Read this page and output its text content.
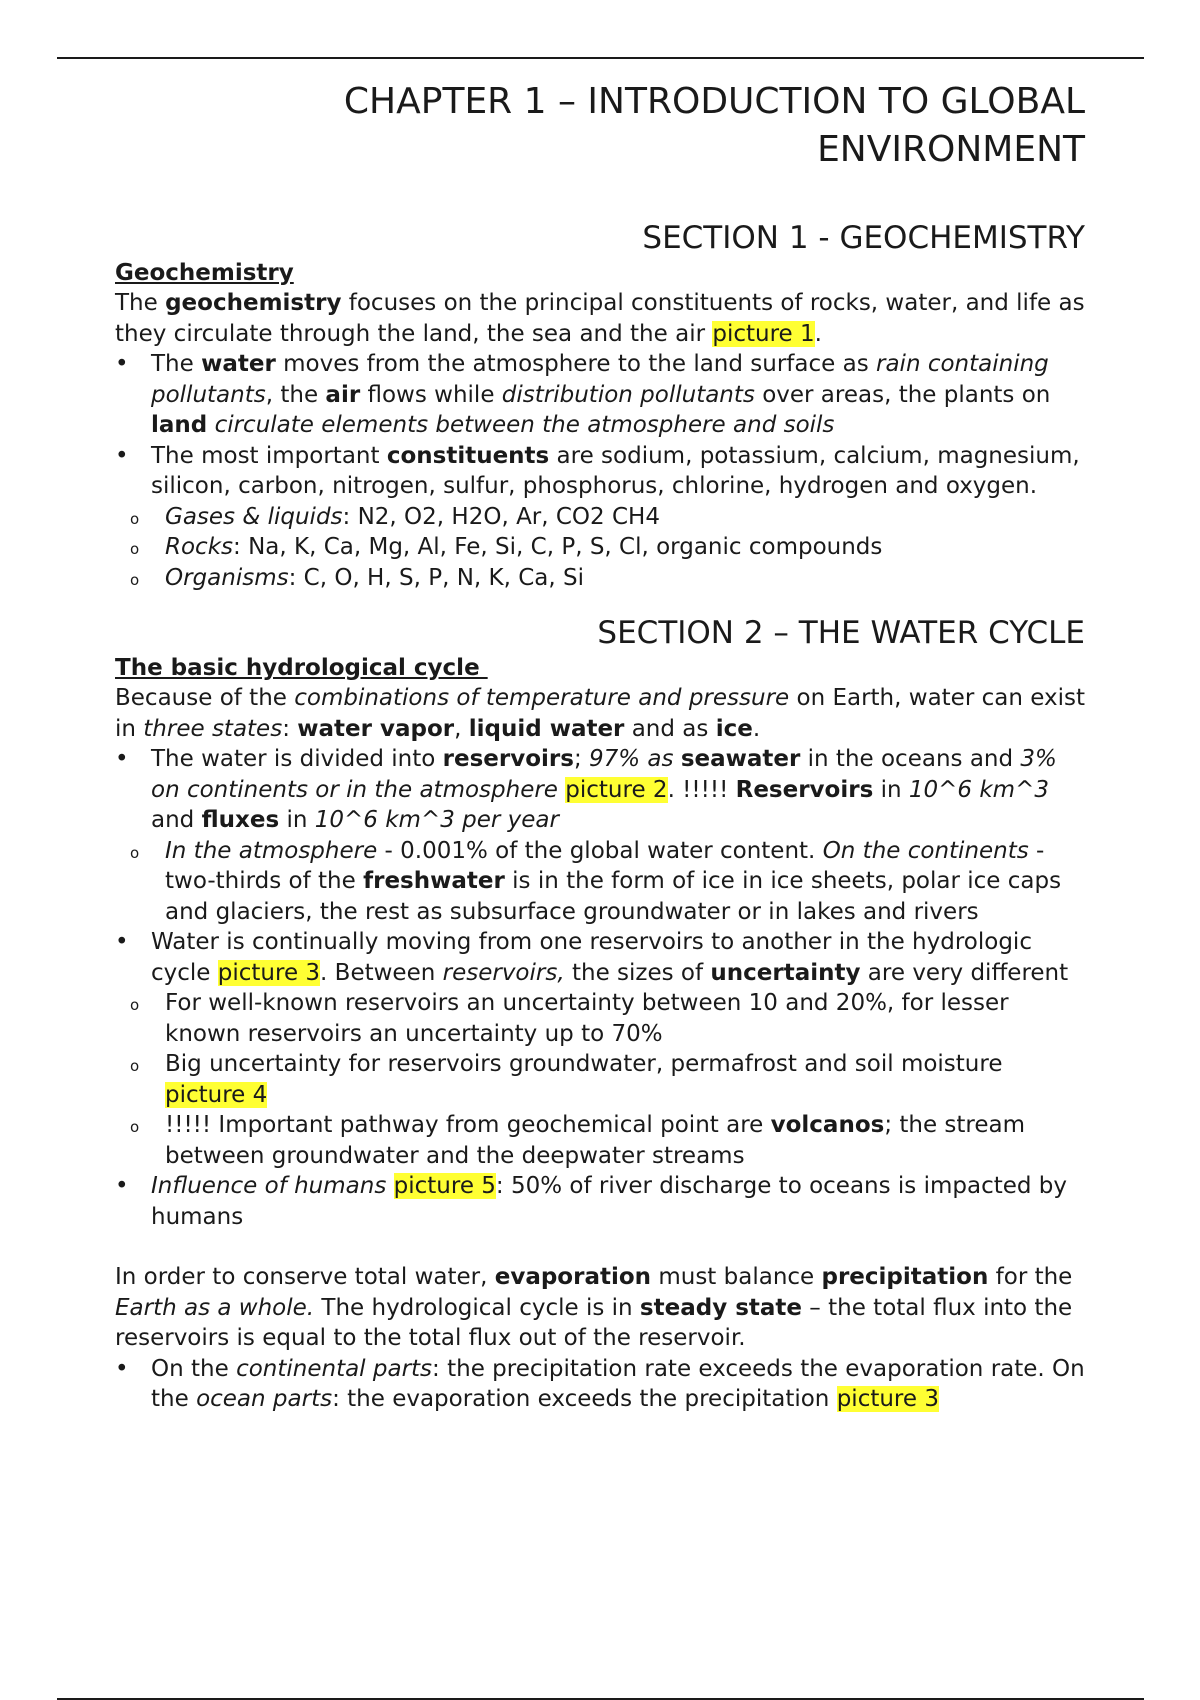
CHAPTER 1 – INTRODUCTION TO GLOBAL ENVIRONMENT
SECTION 1 - GEOCHEMISTRY
Geochemistry

The geochemistry focuses on the principal constituents of rocks, water, and life as they circulate through the land, the sea and the air picture 1.

• The water moves from the atmosphere to the land surface as rain containing pollutants, the air flows while distribution pollutants over areas, the plants on land circulate elements between the atmosphere and soils
• The most important constituents are sodium, potassium, calcium, magnesium, silicon, carbon, nitrogen, sulfur, phosphorus, chlorine, hydrogen and oxygen.
o Gases & liquids: N2, O2, H2O, Ar, CO2 CH4
o Rocks: Na, K, Ca, Mg, Al, Fe, Si, C, P, S, Cl, organic compounds
o Organisms: C, O, H, S, P, N, K, Ca, Si
SECTION 2 – THE WATER CYCLE
The basic hydrological cycle

Because of the combinations of temperature and pressure on Earth, water can exist in three states: water vapor, liquid water and as ice.

• The water is divided into reservoirs; 97% as seawater in the oceans and 3% on continents or in the atmosphere picture 2. !!!!! Reservoirs in 10^6 km^3 and fluxes in 10^6 km^3 per year
o In the atmosphere - 0.001% of the global water content. On the continents - two-thirds of the freshwater is in the form of ice in ice sheets, polar ice caps and glaciers, the rest as subsurface groundwater or in lakes and rivers
• Water is continually moving from one reservoirs to another in the hydrologic cycle picture 3. Between reservoirs, the sizes of uncertainty are very different
o For well-known reservoirs an uncertainty between 10 and 20%, for lesser known reservoirs an uncertainty up to 70%
o Big uncertainty for reservoirs groundwater, permafrost and soil moisture picture 4
o !!!!! Important pathway from geochemical point are volcanos; the stream between groundwater and the deepwater streams
• Influence of humans picture 5: 50% of river discharge to oceans is impacted by humans

In order to conserve total water, evaporation must balance precipitation for the Earth as a whole. The hydrological cycle is in steady state – the total flux into the reservoirs is equal to the total flux out of the reservoir.

• On the continental parts: the precipitation rate exceeds the evaporation rate. On the ocean parts: the evaporation exceeds the precipitation picture 3
